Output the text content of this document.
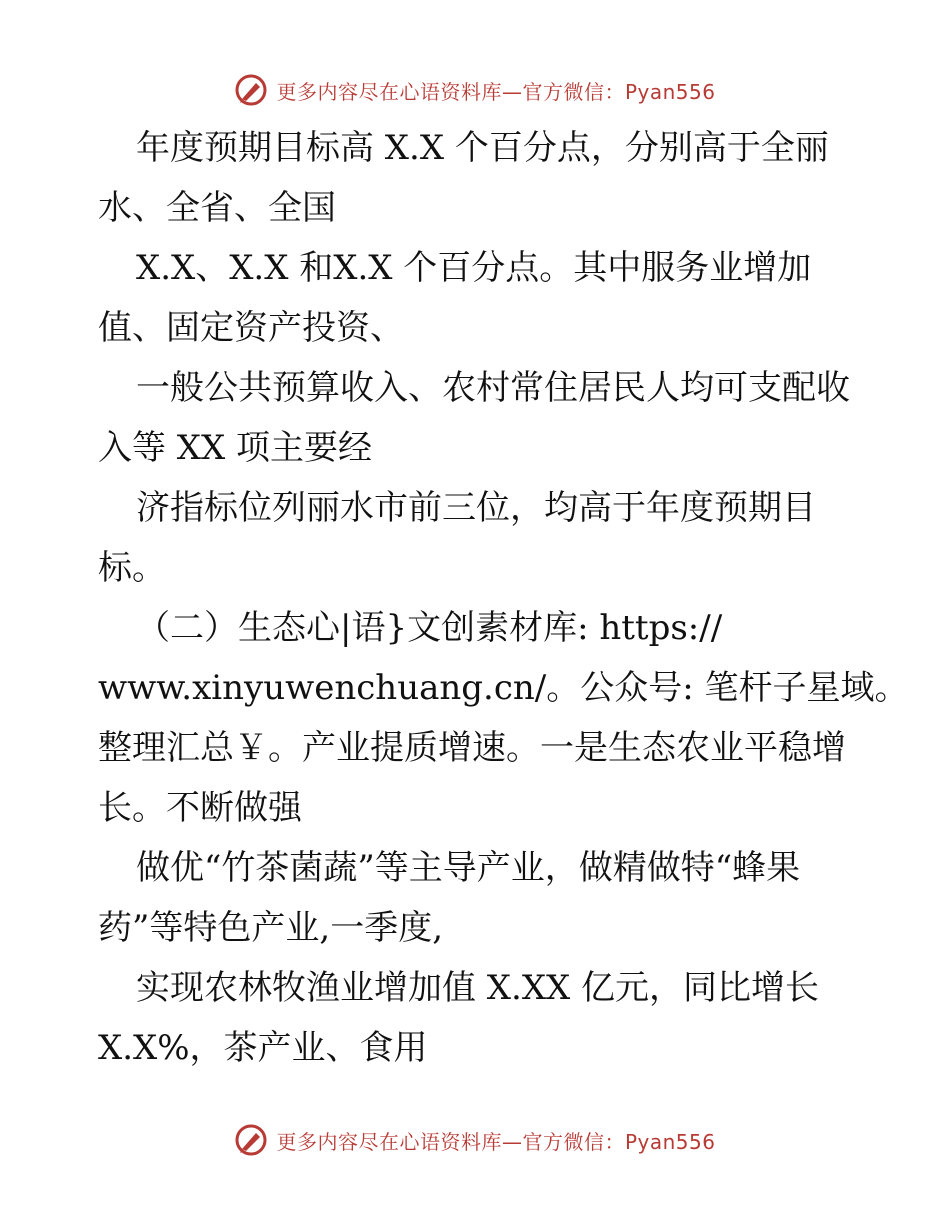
更多内容尽在心语资料库—官方微信：Pyan556

年度预期目标高 X.X 个百分点，分别高于全丽

水、全省、全国

X.X、X.X 和X.X 个百分点。其中服务业增加

值、固定资产投资、

一般公共预算收入、农村常住居民人均可支配收

入等 XX 项主要经

济指标位列丽水市前三位，均高于年度预期目

标。

（二）生态心|语}文创素材库: https://

www.xinyuwenchuang.cn/。公众号: 笔杆子星域。

整理汇总￥。产业提质增速。一是生态农业平稳增

长。不断做强

做优“竹茶菌蔬”等主导产业，做精做特“蜂果

药”等特色产业,一季度,

实现农林牧渔业增加值 X.XX 亿元，同比增长

X.X%，茶产业、食用

更多内容尽在心语资料库—官方微信：Pyan556
